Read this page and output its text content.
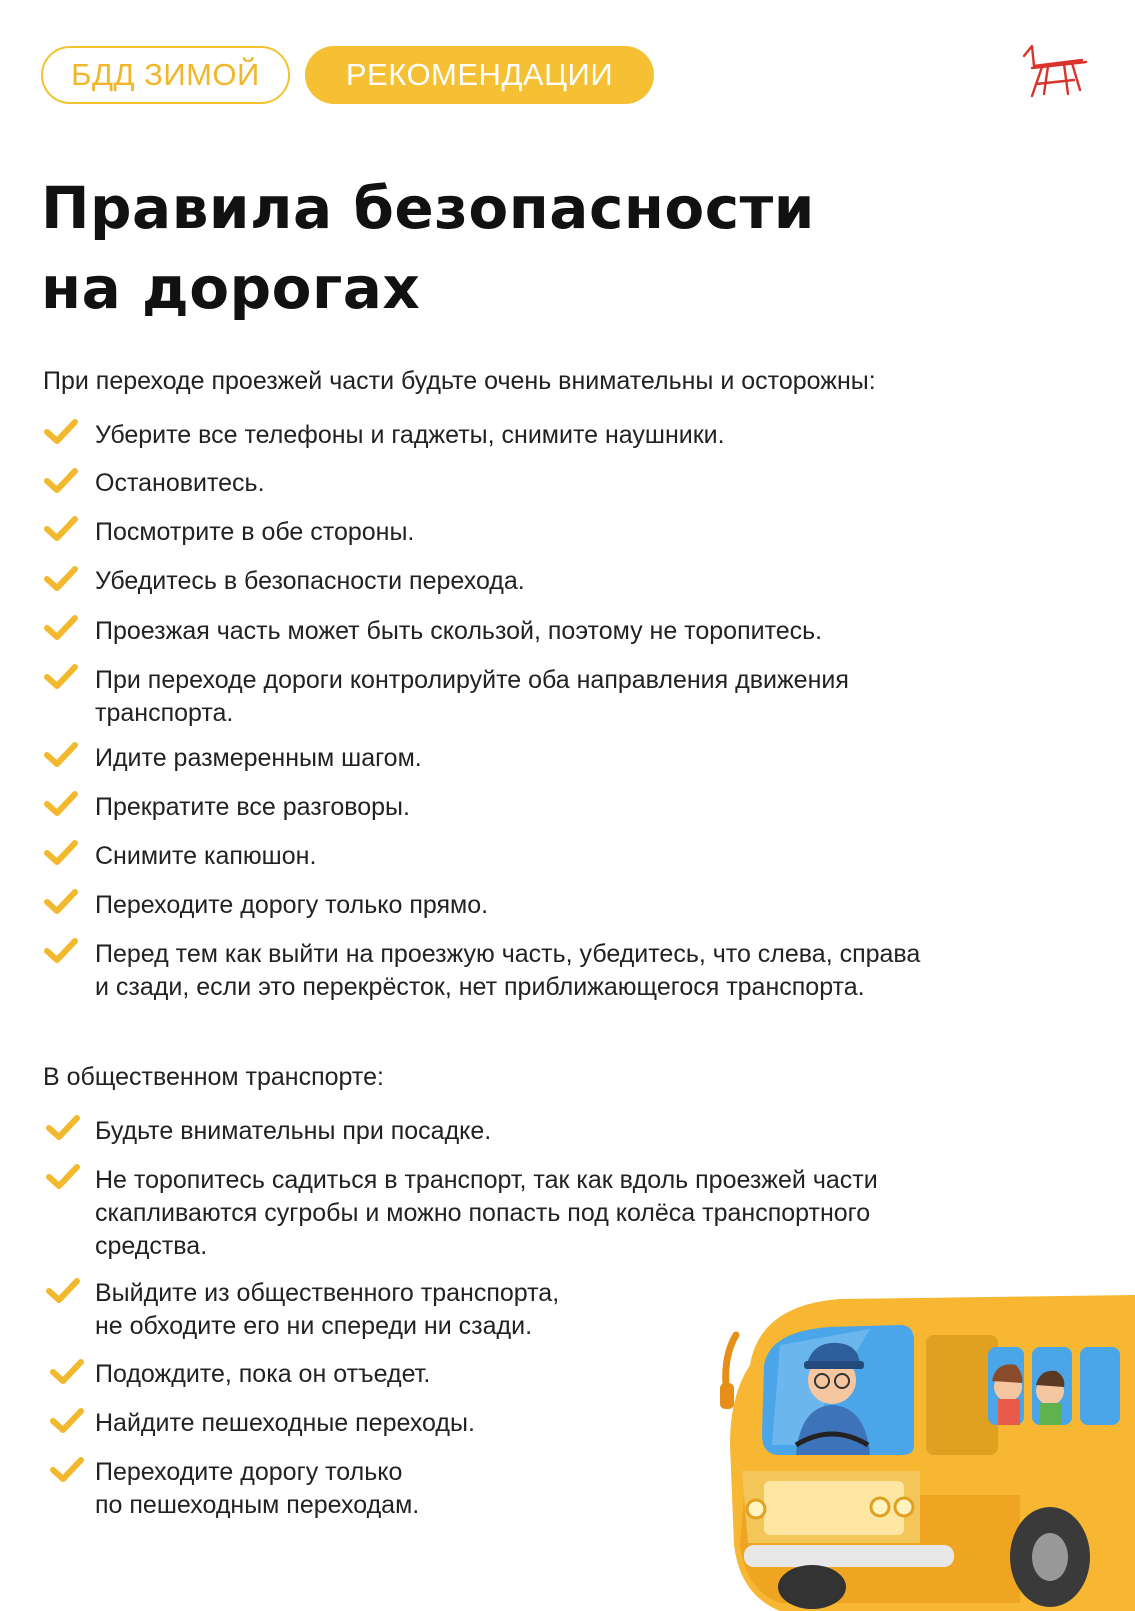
БДД ЗИМОЙ	РЕКОМЕНДАЦИИ
Правила безопасности
на дорогах

При переходе проезжей части будьте очень внимательны и осторожны:

Уберите все телефоны и гаджеты, снимите наушники.

Остановитесь.

Посмотрите в обе стороны.

Убедитесь в безопасности перехода.

Проезжая часть может быть скользой, поэтому не торопитесь.

При переходе дороги контролируйте оба направления движения
транспорта.

Идите размеренным шагом.

Прекратите все разговоры.

Снимите капюшон.

Переходите дорогу только прямо.

Перед тем как выйти на проезжую часть, убедитесь, что слева, справа
и сзади, если это перекрёсток, нет приближающегося транспорта.

В общественном транспорте:

Будьте внимательны при посадке.

Не торопитесь садиться в транспорт, так как вдоль проезжей части
скапливаются сугробы и можно попасть под колёса транспортного
средства.

Выйдите из общественного транспорта,
не обходите его ни спереди ни сзади.

Подождите, пока он отъедет.

Найдите пешеходные переходы.

Переходите дорогу только
по пешеходным переходам.
